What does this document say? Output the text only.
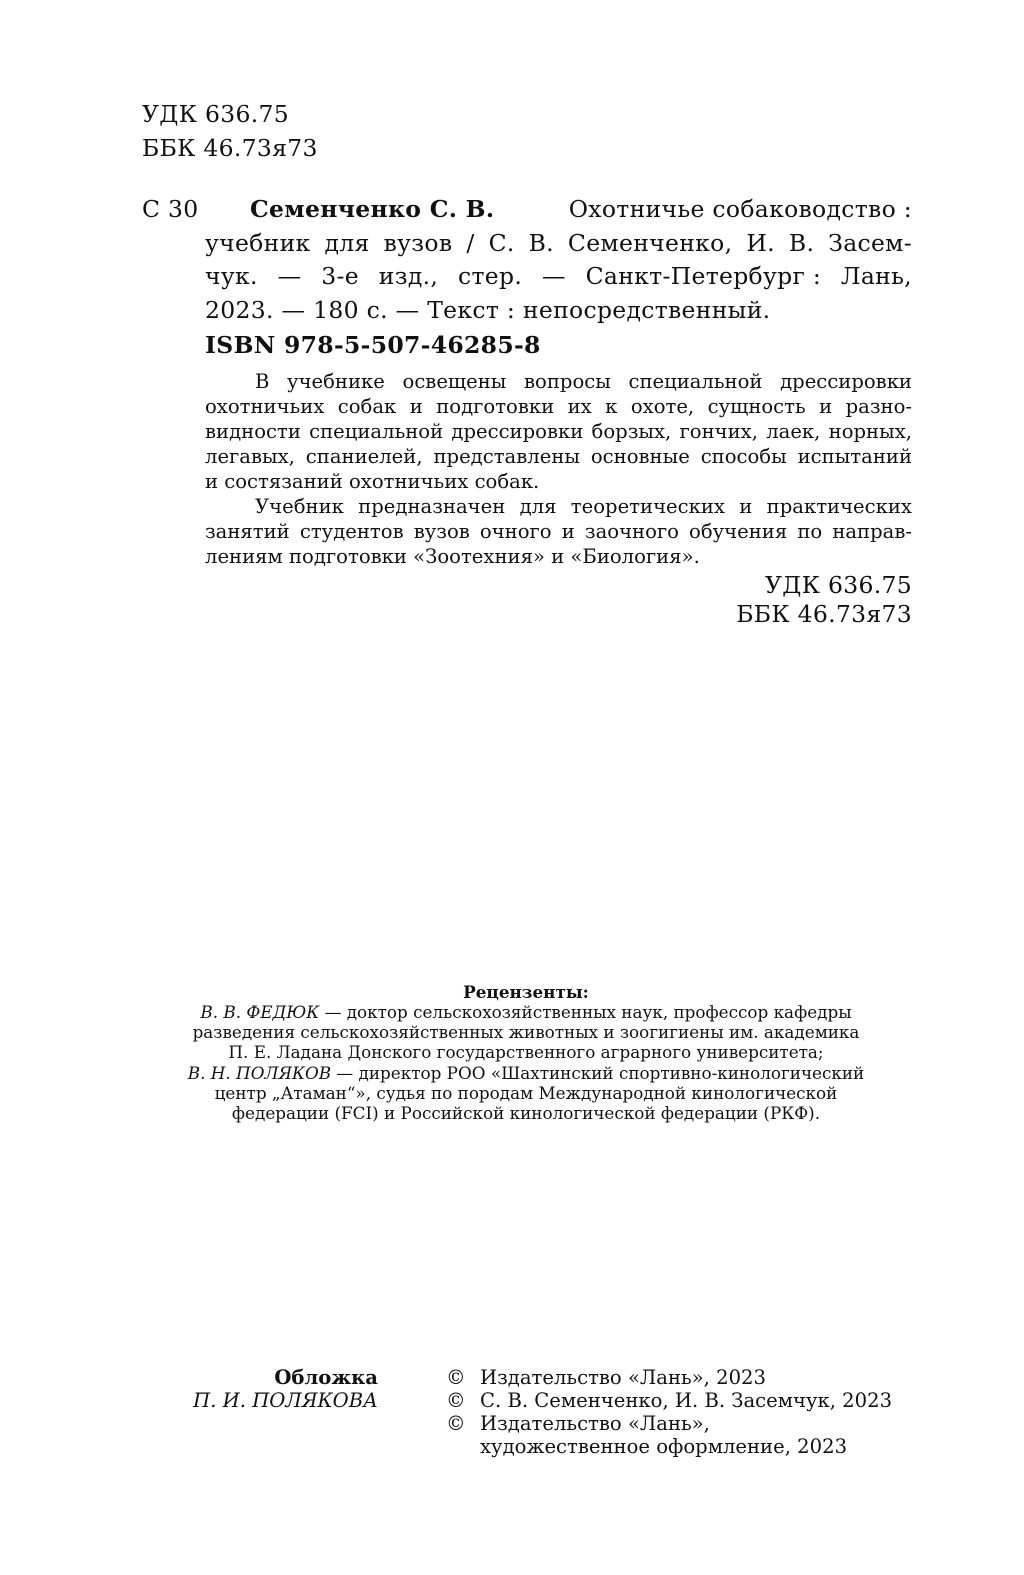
УДК 636.75
ББК 46.73я73
С 30 Семенченко С. В.	Охотничье собаководство :
учебник для вузов / С. В. Семенченко, И. В. Засем-
чук. — 3-е изд., стер. — Санкт-Петербург : Лань,
2023. — 180 с. — Текст : непосредственный.
ISBN 978-5-507-46285-8
В учебнике освещены вопросы специальной дрессировки
охотничьих собак и подготовки их к охоте, сущность и разно-
видности специальной дрессировки борзых, гончих, лаек, норных,
легавых, спаниелей, представлены основные способы испытаний
и состязаний охотничьих собак.
Учебник предназначен для теоретических и практических
занятий студентов вузов очного и заочного обучения по направ-
лениям подготовки «Зоотехния» и «Биология».
УДК 636.75
ББК 46.73я73
Рецензенты:
В. В. ФЕДЮК — доктор сельскохозяйственных наук, профессор кафедры
разведения сельскохозяйственных животных и зоогигиены им. академика
П. Е. Ладана Донского государственного аграрного университета;
В. Н. ПОЛЯКОВ — директор РОО «Шахтинский спортивно-кинологический
центр „Атаман“», судья по породам Международной кинологической
федерации (FCI) и Российской кинологической федерации (РКФ).
Обложка
П. И. ПОЛЯКОВА
© Издательство «Лань», 2023
© С. В. Семенченко, И. В. Засемчук, 2023
© Издательство «Лань»,
художественное оформление, 2023
